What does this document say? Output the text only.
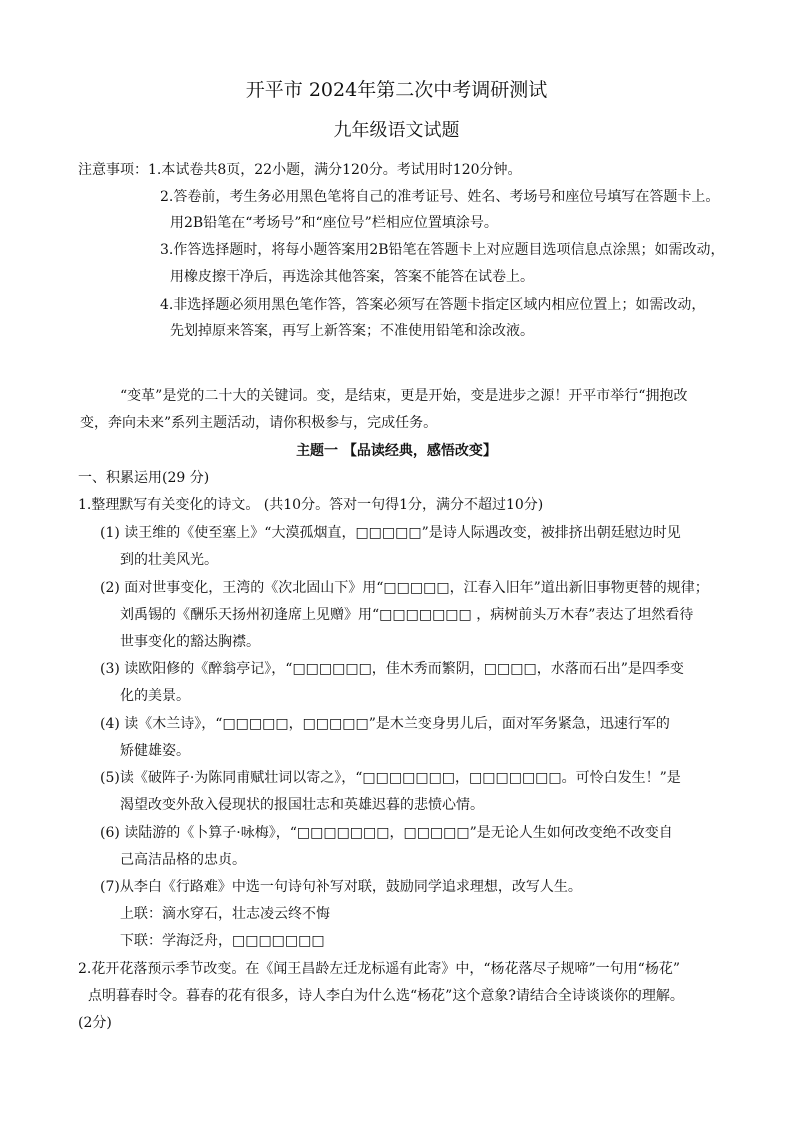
开平市 2024年第二次中考调研测试
九年级语文试题
注意事项：1.本试卷共8页，22小题，满分120分。考试用时120分钟。
2.答卷前，考生务必用黑色笔将自己的准考证号、姓名、考场号和座位号填写在答题卡上。
用2B铅笔在“考场号”和“座位号”栏相应位置填涂号。
3.作答选择题时，将每小题答案用2B铅笔在答题卡上对应题目选项信息点涂黑；如需改动，
用橡皮擦干净后，再选涂其他答案，答案不能答在试卷上。
4.非选择题必须用黑色笔作答，答案必须写在答题卡指定区域内相应位置上；如需改动，
先划掉原来答案，再写上新答案；不准使用铅笔和涂改液。
“变革”是党的二十大的关键词。变，是结束，更是开始，变是进步之源！开平市举行“拥抱改
变，奔向未来”系列主题活动，请你积极参与，完成任务。
主题一 【品读经典，感悟改变】
一、积累运用(29 分)
1.整理默写有关变化的诗文。 (共10分。答对一句得1分，满分不超过10分)
(1) 读王维的《使至塞上》“大漠孤烟直，□□□□□”是诗人际遇改变，被排挤出朝廷慰边时见
到的壮美风光。
(2) 面对世事变化，王湾的《次北固山下》用“□□□□□，江春入旧年”道出新旧事物更替的规律；
刘禹锡的《酬乐天扬州初逢席上见赠》用“□□□□□□□ ，病树前头万木春”表达了坦然看待
世事变化的豁达胸襟。
(3) 读欧阳修的《醉翁亭记》，“□□□□□□，佳木秀而繁阴，□□□□，水落而石出”是四季变
化的美景。
(4) 读《木兰诗》，“□□□□□，□□□□□”是木兰变身男儿后，面对军务紧急，迅速行军的
矫健雄姿。
(5)读《破阵子·为陈同甫赋壮词以寄之》，“□□□□□□□，□□□□□□□。可怜白发生！”是
渴望改变外敌入侵现状的报国壮志和英雄迟暮的悲愤心情。
(6) 读陆游的《卜算子·咏梅》，“□□□□□□□，□□□□□”是无论人生如何改变绝不改变自
己高洁品格的忠贞。
(7)从李白《行路难》中选一句诗句补写对联，鼓励同学追求理想，改写人生。
上联：滴水穿石，壮志凌云终不悔
下联：学海泛舟，□□□□□□□
2.花开花落预示季节改变。在《闻王昌龄左迁龙标遥有此寄》中，“杨花落尽子规啼”一句用“杨花”
点明暮春时令。暮春的花有很多，诗人李白为什么选“杨花”这个意象?请结合全诗谈谈你的理解。
(2分)
